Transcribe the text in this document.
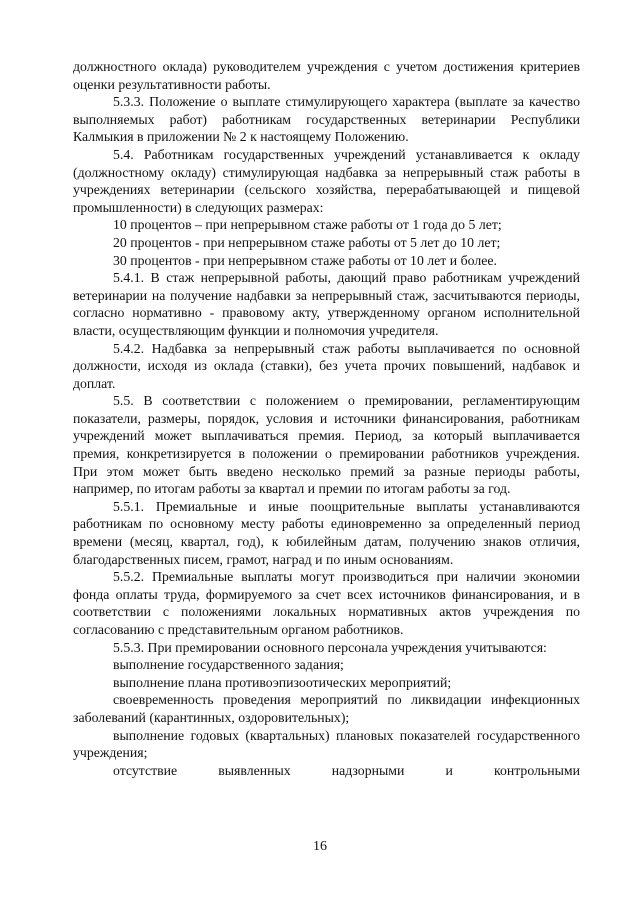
должностного оклада) руководителем учреждения с учетом достижения критериев оценки результативности работы.

5.3.3. Положение о выплате стимулирующего характера (выплате за качество выполняемых работ) работникам государственных ветеринарии Республики Калмыкия в приложении № 2 к настоящему Положению.

5.4. Работникам государственных учреждений устанавливается к окладу (должностному окладу) стимулирующая надбавка за непрерывный стаж работы в учреждениях ветеринарии (сельского хозяйства, перерабатывающей и пищевой промышленности) в следующих размерах:

10 процентов – при непрерывном стаже работы от 1 года до 5 лет;

20 процентов - при непрерывном стаже работы от 5 лет до 10 лет;

30 процентов - при непрерывном стаже работы от 10 лет и более.

5.4.1. В стаж непрерывной работы, дающий право работникам учреждений ветеринарии на получение надбавки за непрерывный стаж, засчитываются периоды, согласно нормативно - правовому акту, утвержденному органом исполнительной власти, осуществляющим функции и полномочия учредителя.

5.4.2. Надбавка за непрерывный стаж работы выплачивается по основной должности, исходя из оклада (ставки), без учета прочих повышений, надбавок и доплат.

5.5. В соответствии с положением о премировании, регламентирующим показатели, размеры, порядок, условия и источники финансирования, работникам учреждений может выплачиваться премия. Период, за который выплачивается премия, конкретизируется в положении о премировании работников учреждения. При этом может быть введено несколько премий за разные периоды работы, например, по итогам работы за квартал и премии по итогам работы за год.

5.5.1. Премиальные и иные поощрительные выплаты устанавливаются работникам по основному месту работы единовременно за определенный период времени (месяц, квартал, год), к юбилейным датам, получению знаков отличия, благодарственных писем, грамот, наград и по иным основаниям.

5.5.2. Премиальные выплаты могут производиться при наличии экономии фонда оплаты труда, формируемого за счет всех источников финансирования, и в соответствии с положениями локальных нормативных актов учреждения по согласованию с представительным органом работников.

5.5.3. При премировании основного персонала учреждения учитываются:

выполнение государственного задания;

выполнение плана противоэпизоотических мероприятий;

своевременность проведения мероприятий по ликвидации инфекционных заболеваний (карантинных, оздоровительных);

выполнение годовых (квартальных) плановых показателей государственного учреждения;

отсутствие выявленных надзорными и контрольными

16
